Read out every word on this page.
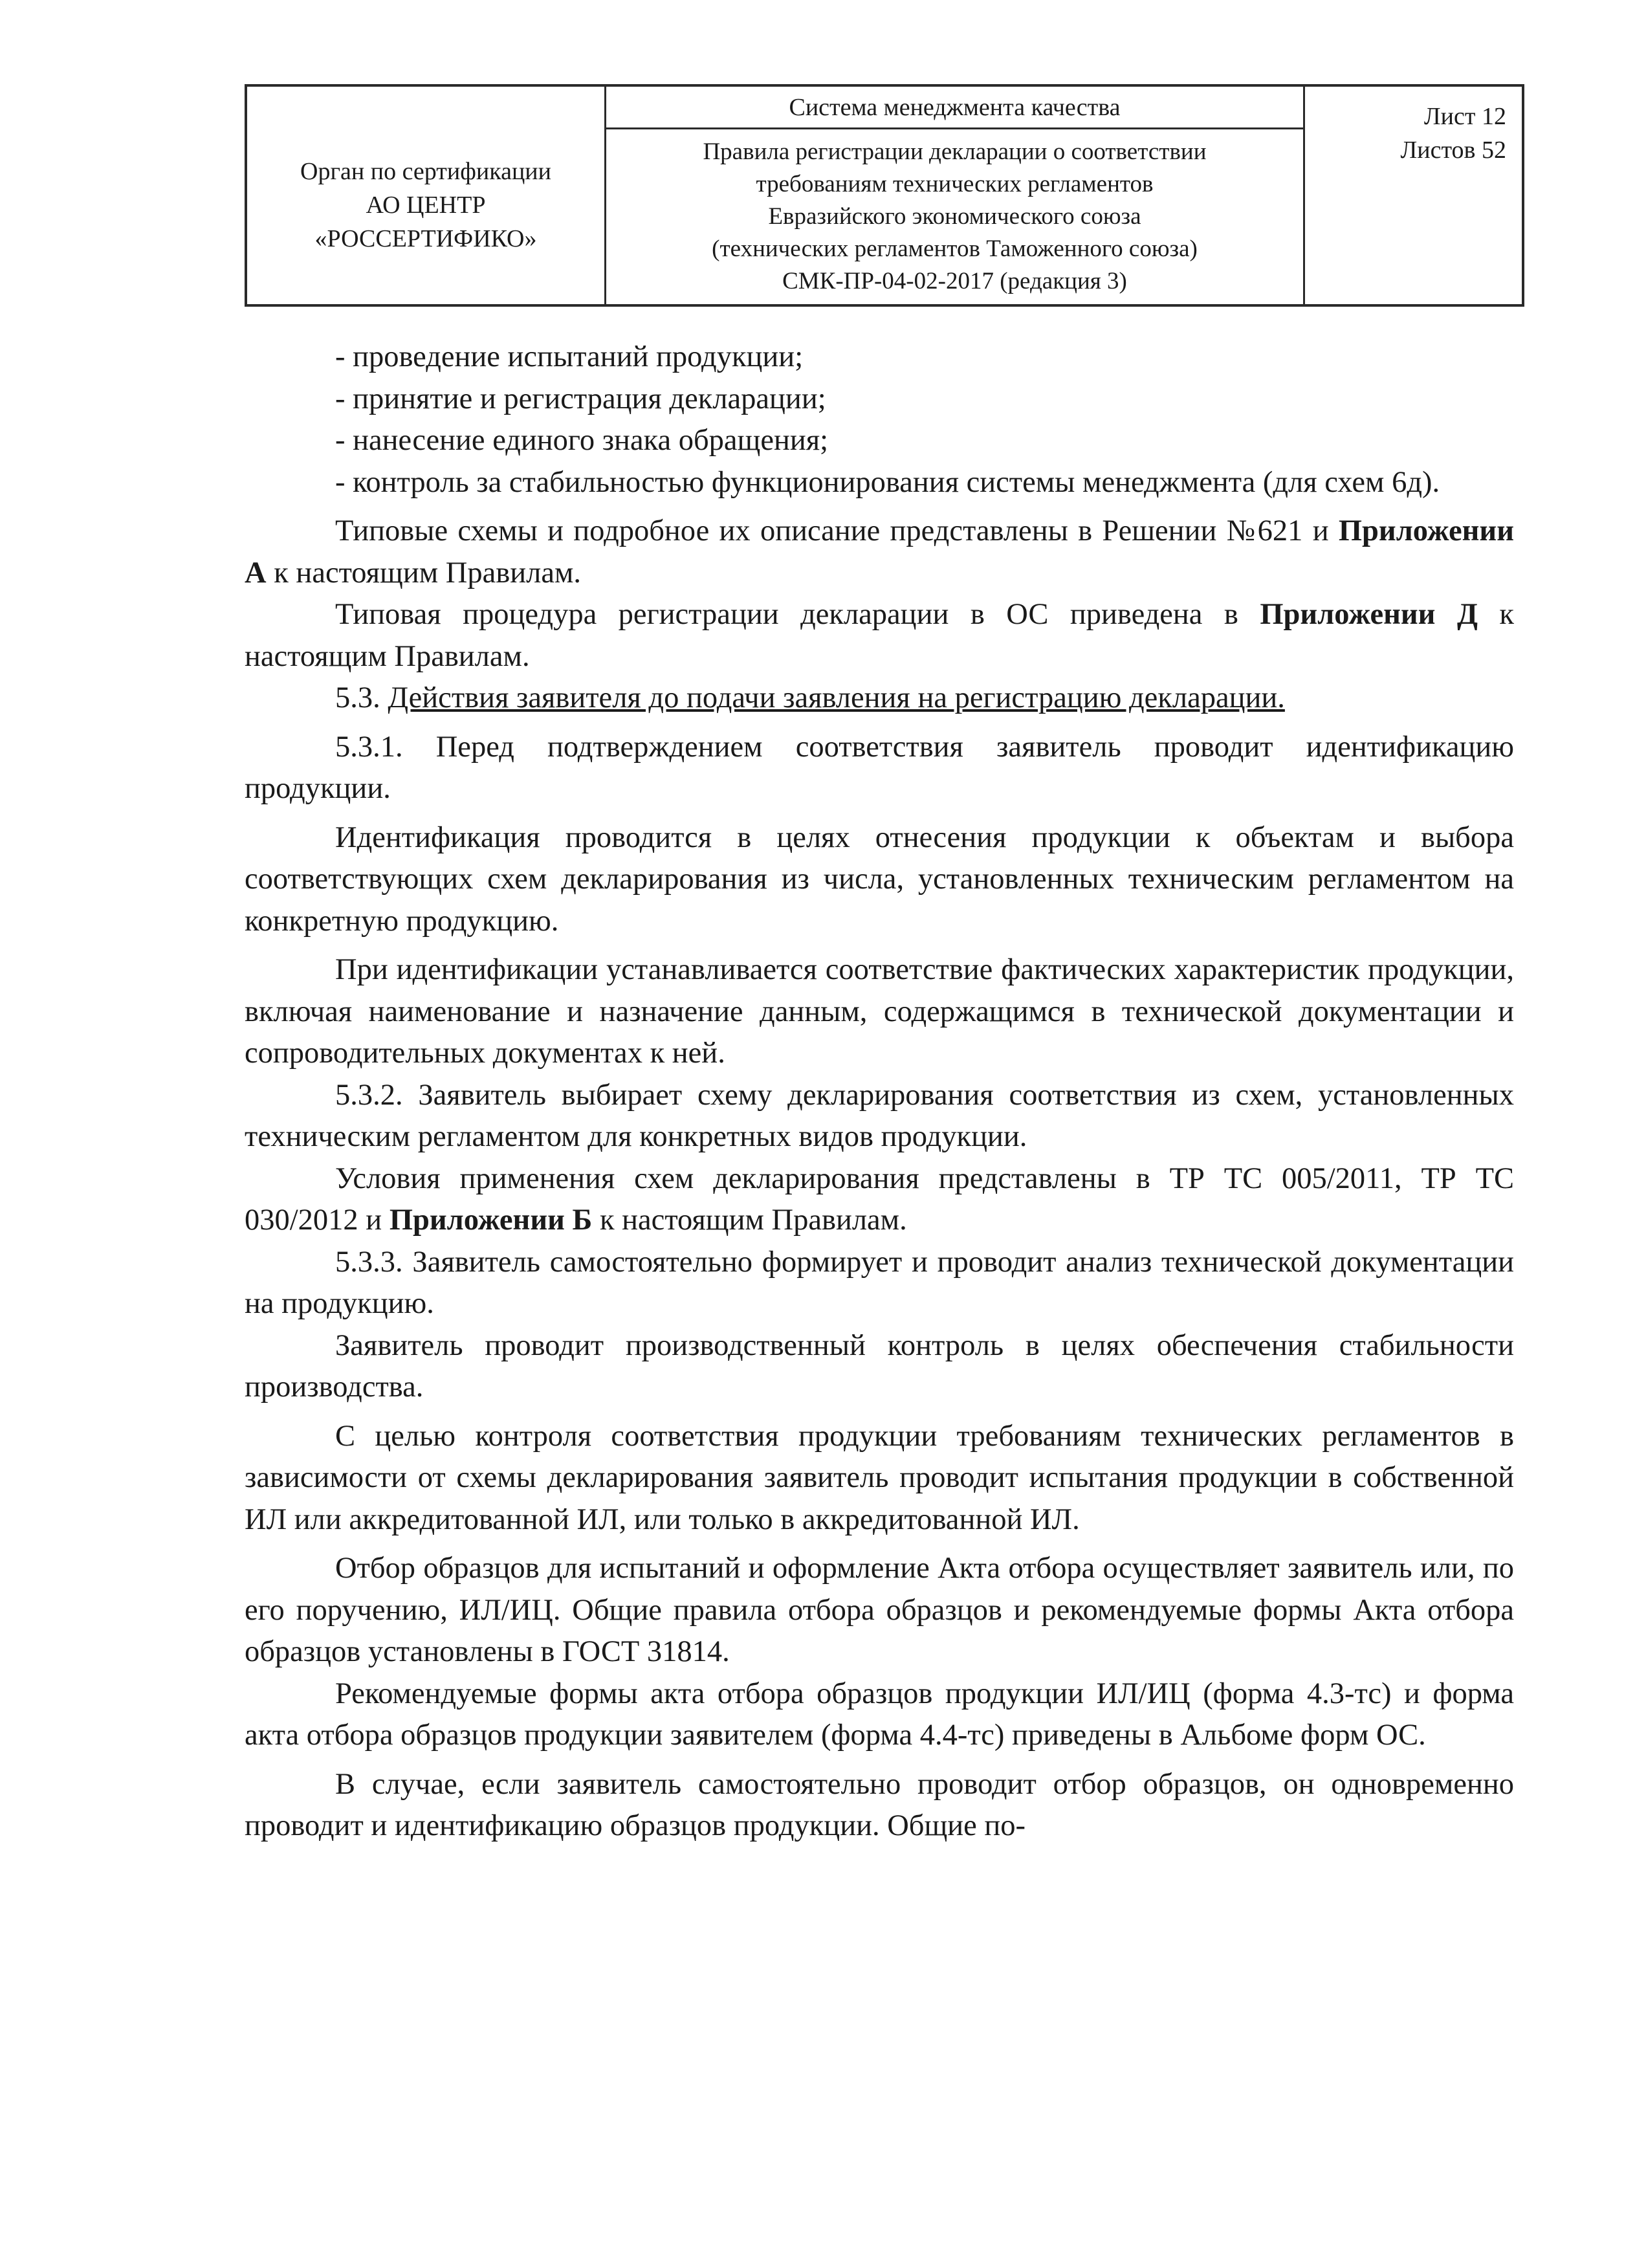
Орган по сертификации
АО ЦЕНТР
«РОССЕРТИФИКО»
Система менеджмента качества
Правила регистрации декларации о соответствии
требованиям технических регламентов
Евразийского экономического союза
(технических регламентов Таможенного союза)
СМК-ПР-04-02-2017 (редакция 3)
Лист 12
Листов 52

- проведение испытаний продукции;

- принятие и регистрация декларации;

- нанесение единого знака обращения;

- контроль за стабильностью функционирования системы менеджмента (для схем 6д).

Типовые схемы и подробное их описание представлены в Решении №621 и Приложении А к настоящим Правилам.

Типовая процедура регистрации декларации в ОС приведена в Приложении Д к настоящим Правилам.

5.3. Действия заявителя до подачи заявления на регистрацию декларации.

5.3.1. Перед подтверждением соответствия заявитель проводит идентификацию продукции.

Идентификация проводится в целях отнесения продукции к объектам и выбора соответствующих схем декларирования из числа, установленных техническим регламентом на конкретную продукцию.

При идентификации устанавливается соответствие фактических характеристик продукции, включая наименование и назначение данным, содержащимся в технической документации и сопроводительных документах к ней.

5.3.2. Заявитель выбирает схему декларирования соответствия из схем, установленных техническим регламентом для конкретных видов продукции.

Условия применения схем декларирования представлены в ТР ТС 005/2011, ТР ТС 030/2012 и Приложении Б к настоящим Правилам.

5.3.3. Заявитель самостоятельно формирует и проводит анализ технической документации на продукцию.

Заявитель проводит производственный контроль в целях обеспечения стабильности производства.

С целью контроля соответствия продукции требованиям технических регламентов в зависимости от схемы декларирования заявитель проводит испытания продукции в собственной ИЛ или аккредитованной ИЛ, или только в аккредитованной ИЛ.

Отбор образцов для испытаний и оформление Акта отбора осуществляет заявитель или, по его поручению, ИЛ/ИЦ. Общие правила отбора образцов и рекомендуемые формы Акта отбора образцов установлены в ГОСТ 31814.

Рекомендуемые формы акта отбора образцов продукции ИЛ/ИЦ (форма 4.3-тс) и форма акта отбора образцов продукции заявителем (форма 4.4-тс) приведены в Альбоме форм ОС.

В случае, если заявитель самостоятельно проводит отбор образцов, он одновременно проводит и идентификацию образцов продукции. Общие по-
